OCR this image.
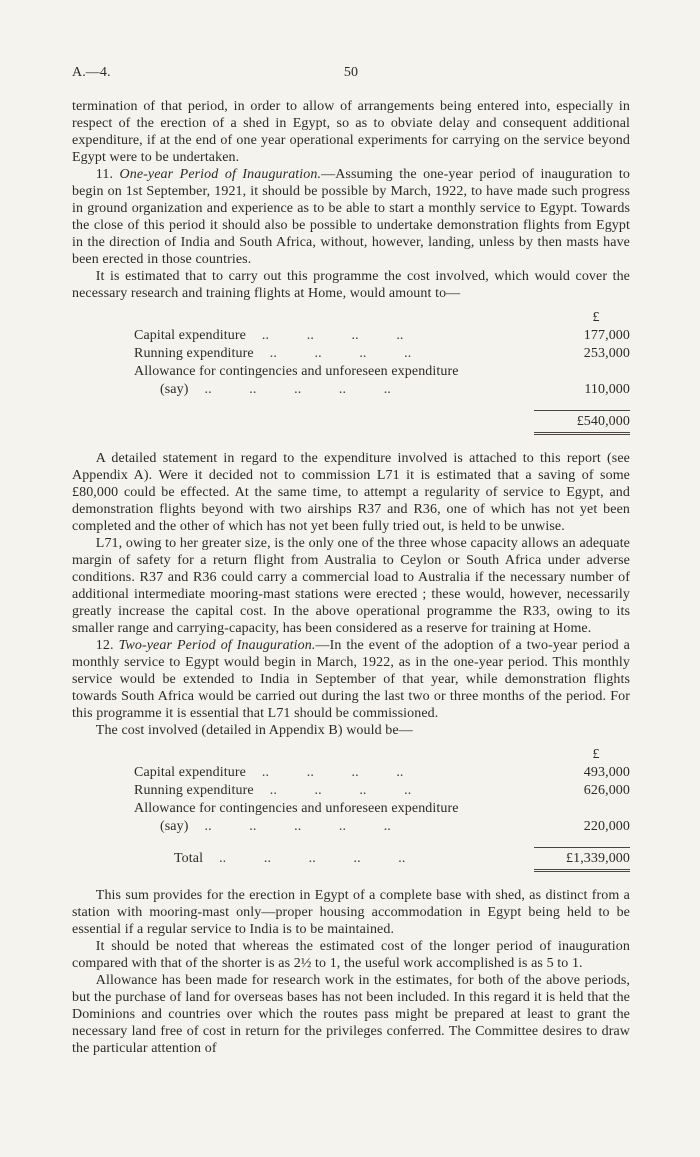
A.—4.	50

termination of that period, in order to allow of arrangements being entered into, especially in respect of the erection of a shed in Egypt, so as to obviate delay and consequent additional expenditure, if at the end of one year operational experiments for carrying on the service beyond Egypt were to be undertaken.

11. One-year Period of Inauguration.—Assuming the one-year period of inauguration to begin on 1st September, 1921, it should be possible by March, 1922, to have made such progress in ground organization and experience as to be able to start a monthly service to Egypt. Towards the close of this period it should also be possible to undertake demonstration flights from Egypt in the direction of India and South Africa, without, however, landing, unless by then masts have been erected in those countries.

It is estimated that to carry out this programme the cost involved, which would cover the necessary research and training flights at Home, would amount to—

£
Capital expenditure	.. .. .. ..	177,000
Running expenditure	.. .. .. ..	253,000
Allowance for contingencies and unforeseen expenditure
(say)	.. .. .. .. ..	110,000
£540,000

A detailed statement in regard to the expenditure involved is attached to this report (see Appendix A). Were it decided not to commission L71 it is estimated that a saving of some £80,000 could be effected. At the same time, to attempt a regularity of service to Egypt, and demonstration flights beyond with two airships R37 and R36, one of which has not yet been completed and the other of which has not yet been fully tried out, is held to be unwise.

L71, owing to her greater size, is the only one of the three whose capacity allows an adequate margin of safety for a return flight from Australia to Ceylon or South Africa under adverse conditions. R37 and R36 could carry a commercial load to Australia if the necessary number of additional intermediate mooring-mast stations were erected ; these would, however, necessarily greatly increase the capital cost. In the above operational programme the R33, owing to its smaller range and carrying-capacity, has been considered as a reserve for training at Home.

12. Two-year Period of Inauguration.—In the event of the adoption of a two-year period a monthly service to Egypt would begin in March, 1922, as in the one-year period. This monthly service would be extended to India in September of that year, while demonstration flights towards South Africa would be carried out during the last two or three months of the period. For this programme it is essential that L71 should be commissioned.

The cost involved (detailed in Appendix B) would be—

£
Capital expenditure	.. .. .. ..	493,000
Running expenditure	.. .. .. ..	626,000
Allowance for contingencies and unforeseen expenditure
(say)	.. .. .. .. ..	220,000
Total	.. .. .. .. ..	£1,339,000

This sum provides for the erection in Egypt of a complete base with shed, as distinct from a station with mooring-mast only—proper housing accommodation in Egypt being held to be essential if a regular service to India is to be maintained.

It should be noted that whereas the estimated cost of the longer period of inauguration compared with that of the shorter is as 2½ to 1, the useful work accomplished is as 5 to 1.

Allowance has been made for research work in the estimates, for both of the above periods, but the purchase of land for overseas bases has not been included. In this regard it is held that the Dominions and countries over which the routes pass might be prepared at least to grant the necessary land free of cost in return for the privileges conferred. The Committee desires to draw the particular attention of
